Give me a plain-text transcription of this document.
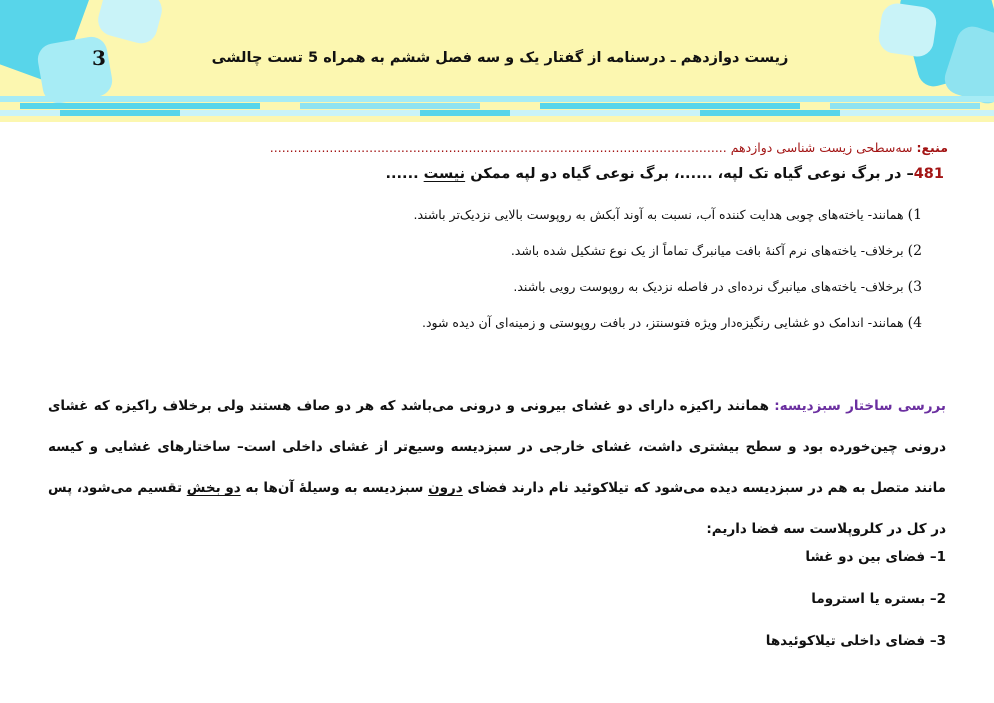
3	زیست دوازدهم ـ درسنامه از گفتار یک و سه فصل ششم به همراه 5 تست چالشی
منبع: سه‌سطحی زیست شناسی دوازدهم ...................................................................................................................
481– در برگ نوعی گیاه تک لپه، ......، برگ نوعی گیاه دو لپه ممکن نیست ......
1) همانند- یاخته‌های چوبی هدایت کننده آب، نسبت به آوند آبکش به روپوست بالایی نزدیک‌تر باشند.
2) برخلاف- یاخته‌های نرم آکنهٔ بافت میانبرگ تماماً از یک نوع تشکیل شده باشد.
3) برخلاف- یاخته‌های میانبرگ نرده‌ای در فاصله نزدیک به روپوست رویی باشند.
4) همانند- اندامک دو غشایی رنگیزه‌دار ویژه فتوسنتز، در بافت روپوستی و زمینه‌ای آن دیده شود.
بررسی ساختار سبزدیسه: همانند راکیزه دارای دو غشای بیرونی و درونی می‌باشد که هر دو صاف هستند ولی برخلاف راکیزه که غشای درونی چین‌خورده بود و سطح بیشتری داشت، غشای خارجی در سبزدیسه وسیع‌تر از غشای داخلی است– ساختارهای غشایی و کیسه مانند متصل به هم در سبزدیسه دیده می‌شود که تیلاکوئید نام دارند فضای درون سبزدیسه به وسیلهٔ آن‌ها به دو بخش تقسیم می‌شود، پس در کل در کلروپلاست سه فضا داریم:
1– فضای بین دو غشا
2– بستره یا استروما
3– فضای داخلی تیلاکوئیدها
